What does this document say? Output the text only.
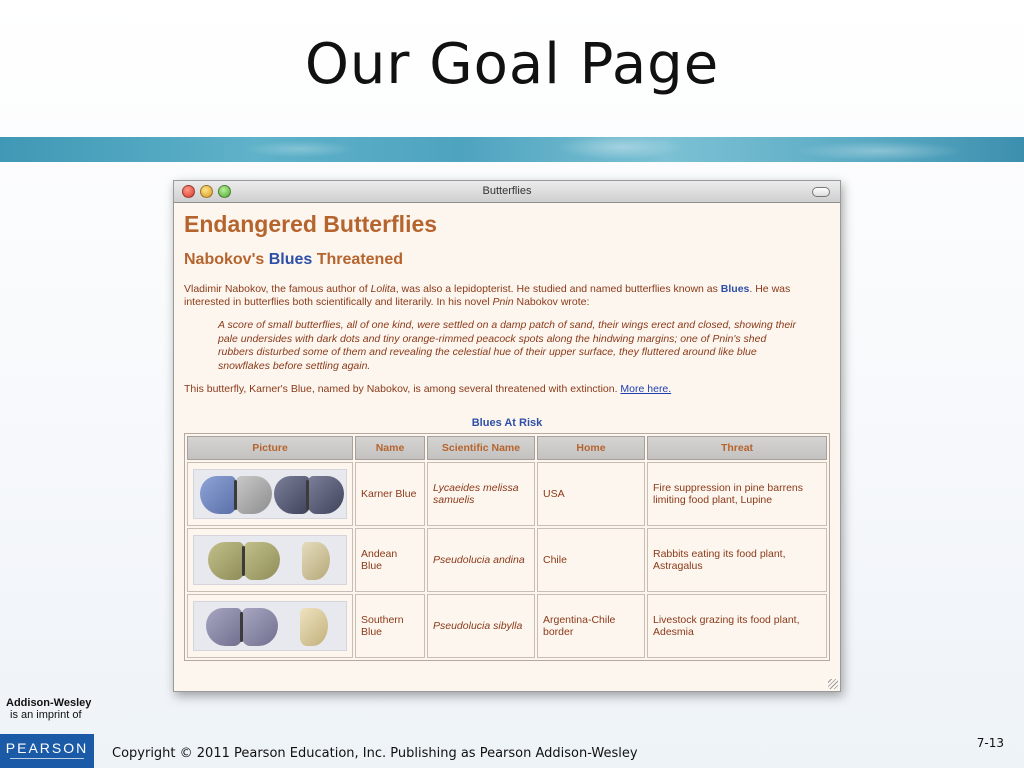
Our Goal Page
Butterflies
Endangered Butterflies
Nabokov's Blues Threatened
Vladimir Nabokov, the famous author of Lolita, was also a lepidopterist. He studied and named butterflies known as Blues. He was interested in butterflies both scientifically and literarily. In his novel Pnin Nabokov wrote:
A score of small butterflies, all of one kind, were settled on a damp patch of sand, their wings erect and closed, showing their pale undersides with dark dots and tiny orange-rimmed peacock spots along the hindwing margins; one of Pnin's shed rubbers disturbed some of them and revealing the celestial hue of their upper surface, they fluttered around like blue snowflakes before settling again.
This butterfly, Karner's Blue, named by Nabokov, is among several threatened with extinction. More here.
Blues At Risk
Picture	Name	Scientific Name	Home	Threat

	Karner Blue	Lycaeides melissa samuelis	USA	Fire suppression in pine barrens limiting food plant, Lupine

	Andean Blue	Pseudolucia andina	Chile	Rabbits eating its food plant, Astragalus

	Southern Blue	Pseudolucia sibylla	Argentina-Chile border	Livestock grazing its food plant, Adesmia
Addison-Wesley
is an imprint of
PEARSON	Copyright © 2011 Pearson Education, Inc. Publishing as Pearson Addison-Wesley
7-13
